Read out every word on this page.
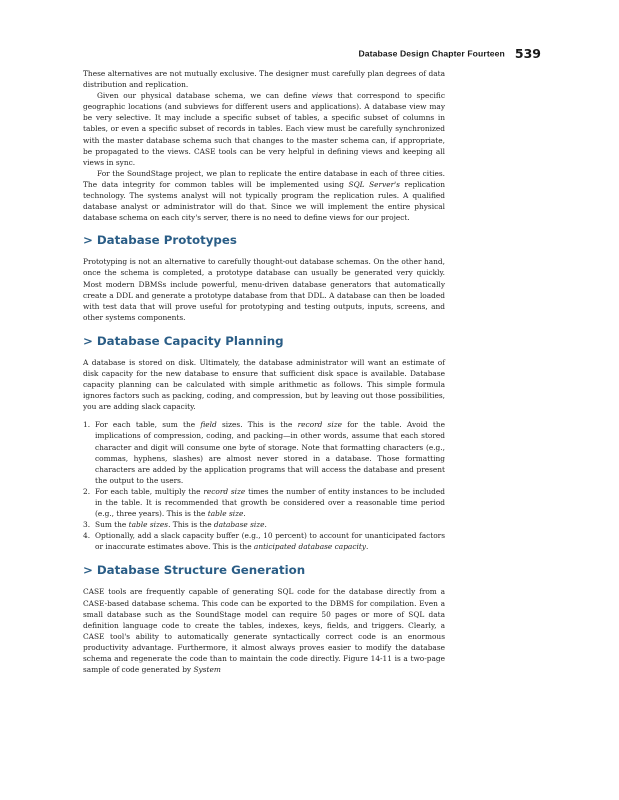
Database Design Chapter Fourteen 539

These alternatives are not mutually exclusive. The designer must carefully plan degrees of data distribution and replication.

Given our physical database schema, we can define views that correspond to specific geographic locations (and subviews for different users and applications). A database view may be very selective. It may include a specific subset of tables, a specific subset of columns in tables, or even a specific subset of records in tables. Each view must be carefully synchronized with the master database schema such that changes to the master schema can, if appropriate, be propagated to the views. CASE tools can be very helpful in defining views and keeping all views in sync.

For the SoundStage project, we plan to replicate the entire database in each of three cities. The data integrity for common tables will be implemented using SQL Server's replication technology. The systems analyst will not typically program the replication rules. A qualified database analyst or administrator will do that. Since we will implement the entire physical database schema on each city's server, there is no need to define views for our project.

> Database Prototypes

Prototyping is not an alternative to carefully thought-out database schemas. On the other hand, once the schema is completed, a prototype database can usually be generated very quickly. Most modern DBMSs include powerful, menu-driven database generators that automatically create a DDL and generate a prototype database from that DDL. A database can then be loaded with test data that will prove useful for prototyping and testing outputs, inputs, screens, and other systems components.

> Database Capacity Planning

A database is stored on disk. Ultimately, the database administrator will want an estimate of disk capacity for the new database to ensure that sufficient disk space is available. Database capacity planning can be calculated with simple arithmetic as follows. This simple formula ignores factors such as packing, coding, and compression, but by leaving out those possibilities, you are adding slack capacity.

1. For each table, sum the field sizes. This is the record size for the table. Avoid the implications of compression, coding, and packing—in other words, assume that each stored character and digit will consume one byte of storage. Note that formatting characters (e.g., commas, hyphens, slashes) are almost never stored in a database. Those formatting characters are added by the application programs that will access the database and present the output to the users.
2. For each table, multiply the record size times the number of entity instances to be included in the table. It is recommended that growth be considered over a reasonable time period (e.g., three years). This is the table size.
3. Sum the table sizes. This is the database size.
4. Optionally, add a slack capacity buffer (e.g., 10 percent) to account for unanticipated factors or inaccurate estimates above. This is the anticipated database capacity.
> Database Structure Generation

CASE tools are frequently capable of generating SQL code for the database directly from a CASE-based database schema. This code can be exported to the DBMS for compilation. Even a small database such as the SoundStage model can require 50 pages or more of SQL data definition language code to create the tables, indexes, keys, fields, and triggers. Clearly, a CASE tool's ability to automatically generate syntactically correct code is an enormous productivity advantage. Furthermore, it almost always proves easier to modify the database schema and regenerate the code than to maintain the code directly. Figure 14-11 is a two-page sample of code generated by System
